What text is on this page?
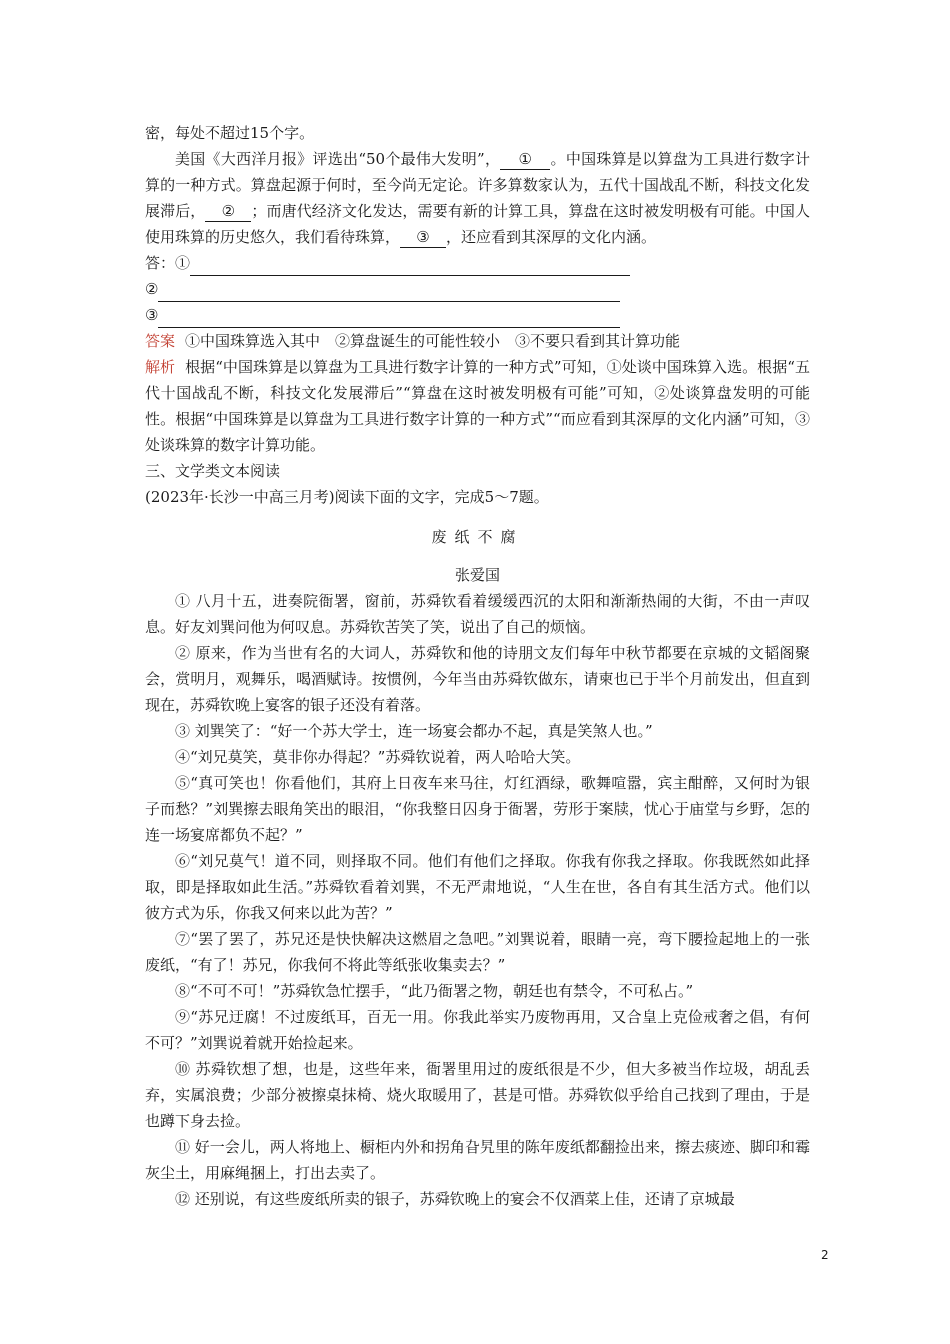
密，每处不超过15个字。

美国《大西洋月报》评选出“50个最伟大发明”， ① 。中国珠算是以算盘为工具进行数字计算的一种方式。算盘起源于何时，至今尚无定论。许多算数家认为，五代十国战乱不断，科技文化发展滞后， ② ；而唐代经济文化发达，需要有新的计算工具，算盘在这时被发明极有可能。中国人使用珠算的历史悠久，我们看待珠算， ③ ，还应看到其深厚的文化内涵。

答：①
②
③

答案 ①中国珠算选入其中　②算盘诞生的可能性较小　③不要只看到其计算功能

解析 根据“中国珠算是以算盘为工具进行数字计算的一种方式”可知，①处谈中国珠算入选。根据“五代十国战乱不断，科技文化发展滞后”“算盘在这时被发明极有可能”可知，②处谈算盘发明的可能性。根据“中国珠算是以算盘为工具进行数字计算的一种方式”“而应看到其深厚的文化内涵”可知，③处谈珠算的数字计算功能。

三、文学类文本阅读

(2023年·长沙一中高三月考)阅读下面的文字，完成5～7题。

废纸不腐

张爱国

① 八月十五，进奏院衙署，窗前，苏舜钦看着缓缓西沉的太阳和渐渐热闹的大街，不由一声叹息。好友刘巽问他为何叹息。苏舜钦苦笑了笑，说出了自己的烦恼。

② 原来，作为当世有名的大词人，苏舜钦和他的诗朋文友们每年中秋节都要在京城的文韬阁聚会，赏明月，观舞乐，喝酒赋诗。按惯例，今年当由苏舜钦做东，请柬也已于半个月前发出，但直到现在，苏舜钦晚上宴客的银子还没有着落。

③ 刘巽笑了：“好一个苏大学士，连一场宴会都办不起，真是笑煞人也。”

④“刘兄莫笑，莫非你办得起？”苏舜钦说着，两人哈哈大笑。

⑤“真可笑也！你看他们，其府上日夜车来马往，灯红酒绿，歌舞喧嚣，宾主酣醉，又何时为银子而愁？”刘巽擦去眼角笑出的眼泪，“你我整日囚身于衙署，劳形于案牍，忧心于庙堂与乡野，怎的连一场宴席都负不起？”

⑥“刘兄莫气！道不同，则择取不同。他们有他们之择取。你我有你我之择取。你我既然如此择取，即是择取如此生活。”苏舜钦看着刘巽，不无严肃地说，“人生在世，各自有其生活方式。他们以彼方式为乐，你我又何来以此为苦？”

⑦“罢了罢了，苏兄还是快快解决这燃眉之急吧。”刘巽说着，眼睛一亮，弯下腰捡起地上的一张废纸，“有了！苏兄，你我何不将此等纸张收集卖去？”

⑧“不可不可！”苏舜钦急忙摆手，“此乃衙署之物，朝廷也有禁令，不可私占。”

⑨“苏兄迂腐！不过废纸耳，百无一用。你我此举实乃废物再用，又合皇上克俭戒奢之倡，有何不可？”刘巽说着就开始捡起来。

⑩ 苏舜钦想了想，也是，这些年来，衙署里用过的废纸很是不少，但大多被当作垃圾，胡乱丢弃，实属浪费；少部分被擦桌抹椅、烧火取暖用了，甚是可惜。苏舜钦似乎给自己找到了理由，于是也蹲下身去捡。

⑪ 好一会儿，两人将地上、橱柜内外和拐角旮旯里的陈年废纸都翻捡出来，擦去痰迹、脚印和霉灰尘土，用麻绳捆上，打出去卖了。

⑫ 还别说，有这些废纸所卖的银子，苏舜钦晚上的宴会不仅酒菜上佳，还请了京城最

2
